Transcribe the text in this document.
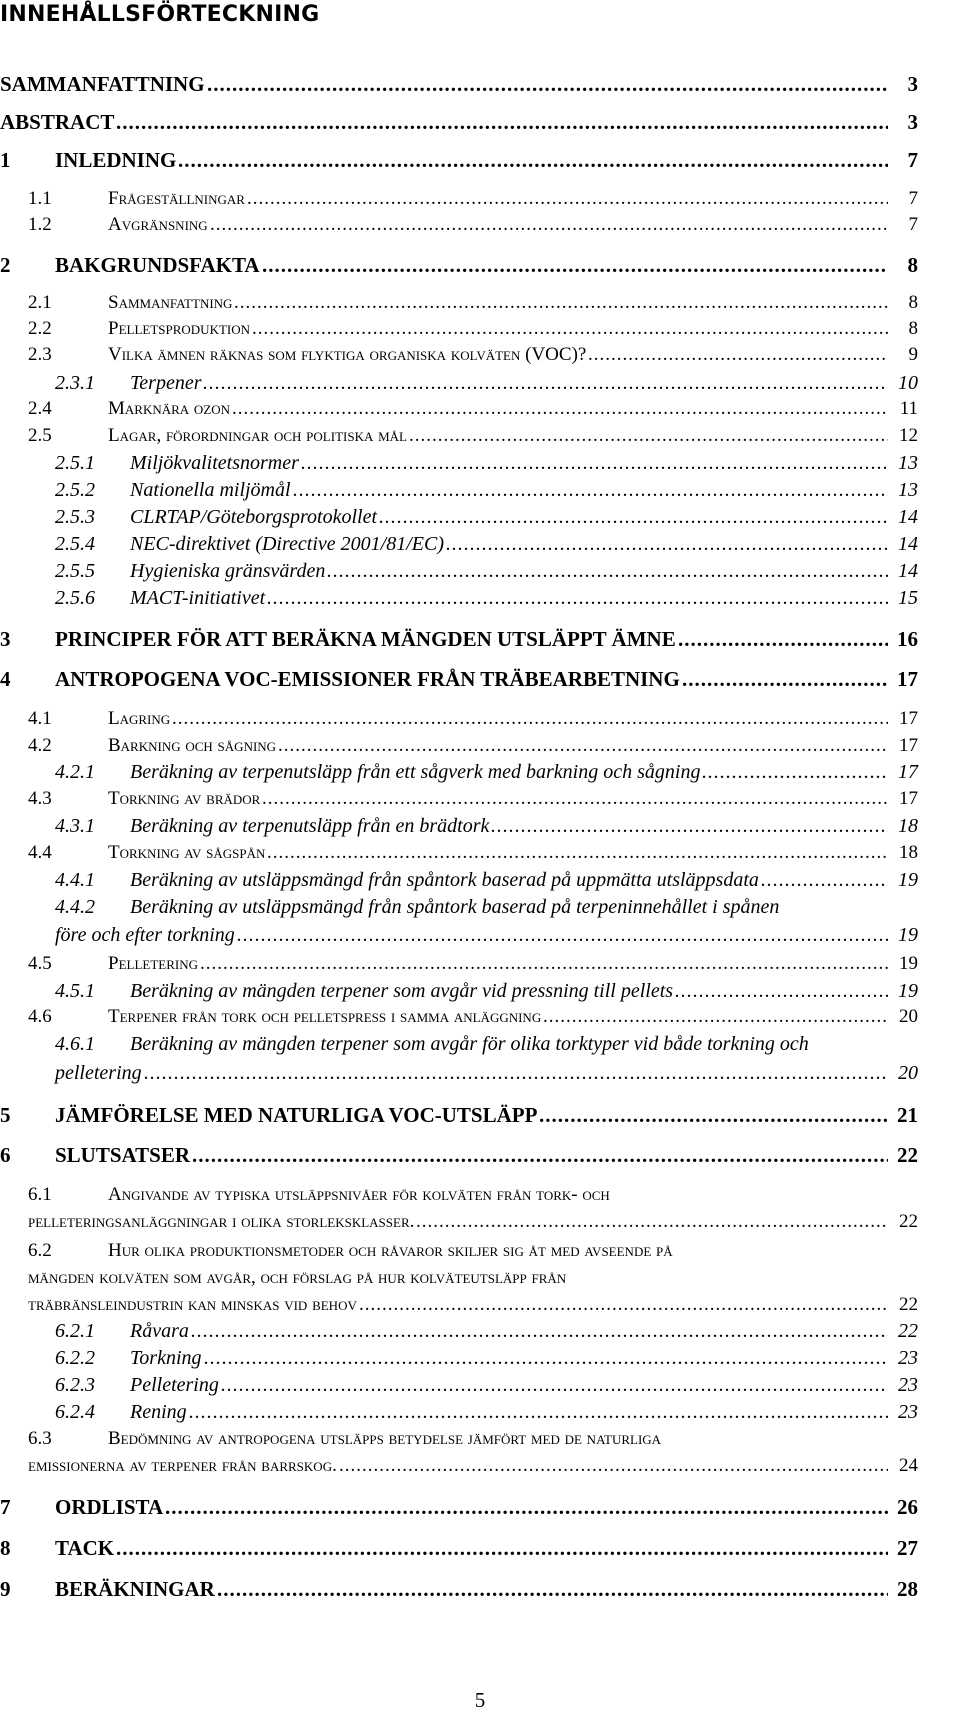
INNEHÅLLSFÖRTECKNING
SAMMANFATTNING .....	3
ABSTRACT .....	3
1 INLEDNING .....	7
1.1	Frågeställningar .....	7
1.2	Avgränsning .....	7
2 BAKGRUNDSFAKTA .....	8
2.1	Sammanfattning .....	8
2.2	Pelletsproduktion .....	8
2.3	Vilka ämnen räknas som flyktiga organiska kolväten (VOC)? .....	9
2.3.1 Terpener .....	10
2.4	Marknära ozon .....	11
2.5	Lagar, förordningar och politiska mål .....	12
2.5.1 Miljökvalitetsnormer .....	13
2.5.2 Nationella miljömål .....	13
2.5.3 CLRTAP/Göteborgsprotokollet .....	14
2.5.4 NEC-direktivet (Directive 2001/81/EC) .....	14
2.5.5 Hygieniska gränsvärden .....	14
2.5.6 MACT-initiativet .....	15
3 PRINCIPER FÖR ATT BERÄKNA MÄNGDEN UTSLÄPPT ÄMNE .....	16
4 ANTROPOGENA VOC-EMISSIONER FRÅN TRÄBEARBETNING .....	17
4.1	Lagring .....	17
4.2	Barkning och sågning .....	17
4.2.1 Beräkning av terpenutsläpp från ett sågverk med barkning och sågning .....	17
4.3	Torkning av brädor .....	17
4.3.1 Beräkning av terpenutsläpp från en brädtork .....	18
4.4	Torkning av sågspån .....	18
4.4.1 Beräkning av utsläppsmängd från spåntork baserad på uppmätta utsläppsdata .....	19
4.4.2 Beräkning av utsläppsmängd från spåntork baserad på terpeninnehållet i spånen
före och efter torkning .....	19
4.5	Pelletering .....	19
4.5.1 Beräkning av mängden terpener som avgår vid pressning till pellets .....	19
4.6	Terpener från tork och pelletspress i samma anläggning .....	20
4.6.1 Beräkning av mängden terpener som avgår för olika torktyper vid både torkning och
pelletering .....	20
5 JÄMFÖRELSE MED NATURLIGA VOC-UTSLÄPP .....	21
6 SLUTSATSER .....	22
6.1	Angivande av typiska utsläppsnivåer för kolväten från tork- och
pelleteringsanläggningar i olika storleksklasser. .....	22
6.2	Hur olika produktionsmetoder och råvaror skiljer sig åt med avseende på
mängden kolväten som avgår, och förslag på hur kolväteutsläpp från
träbränsleindustrin kan minskas vid behov .....	22
6.2.1 Råvara .....	22
6.2.2 Torkning .....	23
6.2.3 Pelletering .....	23
6.2.4 Rening .....	23
6.3	Bedömning av antropogena utsläpps betydelse jämfört med de naturliga
emissionerna av terpener från barrskog. .....	24
7 ORDLISTA .....	26
8 TACK .....	27
9 BERÄKNINGAR .....	28
5
